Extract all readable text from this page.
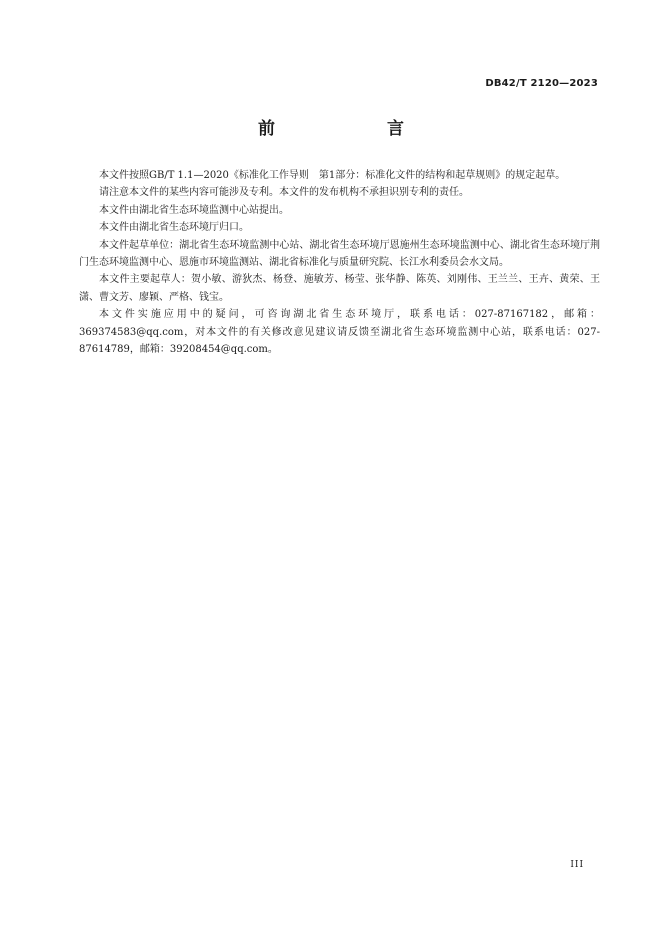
DB42/T 2120—2023
前　　言

本文件按照GB/T 1.1—2020《标准化工作导则　第1部分：标准化文件的结构和起草规则》的规定起草。

请注意本文件的某些内容可能涉及专利。本文件的发布机构不承担识别专利的责任。

本文件由湖北省生态环境监测中心站提出。

本文件由湖北省生态环境厅归口。

本文件起草单位：湖北省生态环境监测中心站、湖北省生态环境厅恩施州生态环境监测中心、湖北省生态环境厅荆门生态环境监测中心、恩施市环境监测站、湖北省标准化与质量研究院、长江水利委员会水文局。

本文件主要起草人：贺小敏、游狄杰、杨登、施敏芳、杨莹、张华静、陈英、刘刚伟、王兰兰、王卉、黄荣、王潇、曹文芳、廖颖、严格、钱宝。

本文件实施应用中的疑问，可咨询湖北省生态环境厅，联系电话：027-87167182，邮箱：369374583@qq.com，对本文件的有关修改意见建议请反馈至湖北省生态环境监测中心站，联系电话：027-87614789，邮箱：39208454@qq.com。

III
